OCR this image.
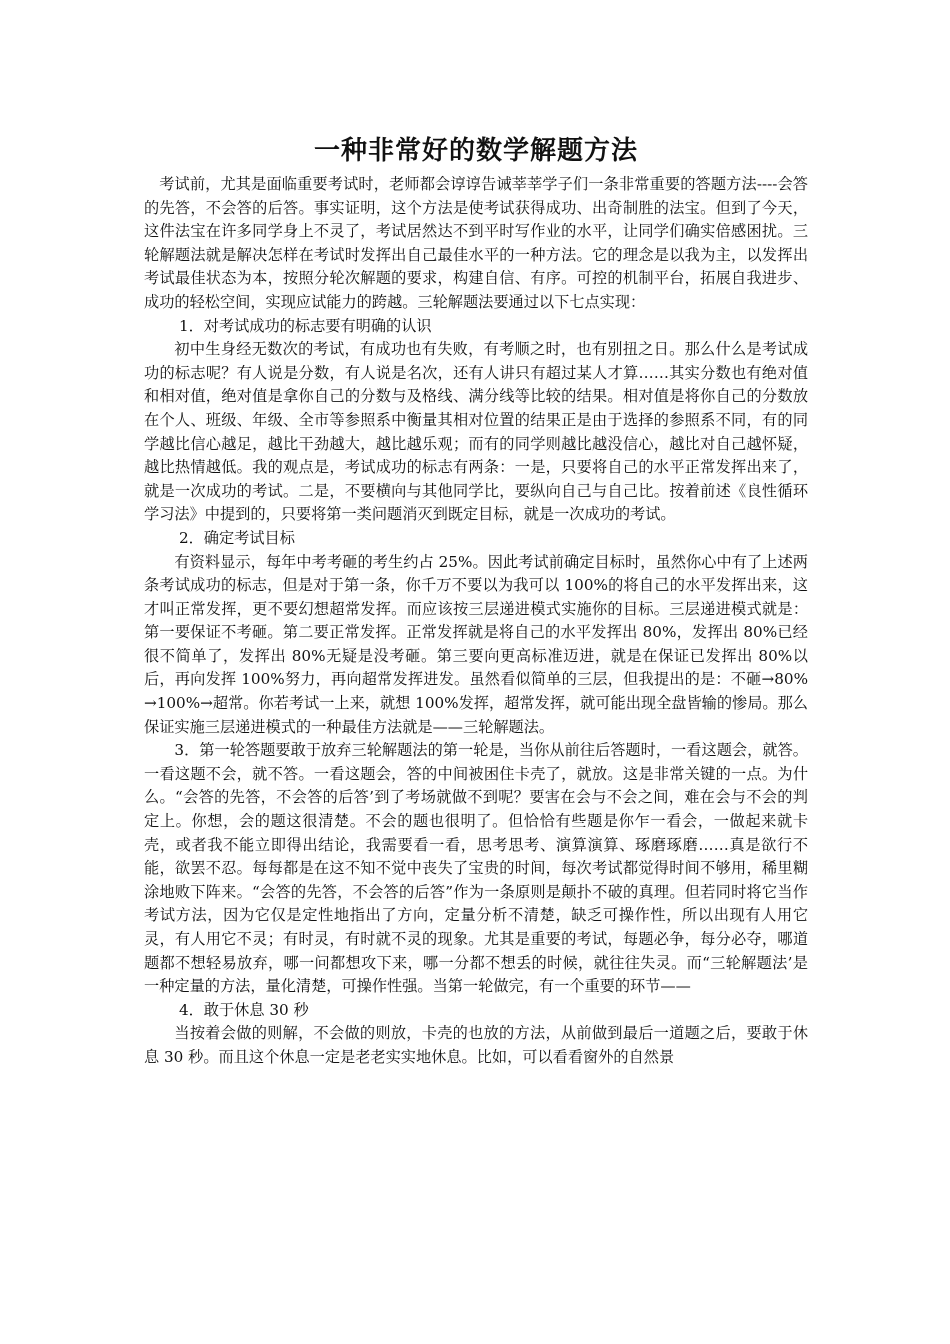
一种非常好的数学解题方法

考试前，尤其是面临重要考试时，老师都会谆谆告诫莘莘学子们一条非常重要的答题方法----会答的先答，不会答的后答。事实证明，这个方法是使考试获得成功、出奇制胜的法宝。但到了今天，这件法宝在许多同学身上不灵了，考试居然达不到平时写作业的水平，让同学们确实倍感困扰。三轮解题法就是解决怎样在考试时发挥出自己最佳水平的一种方法。它的理念是以我为主，以发挥出考试最佳状态为本，按照分轮次解题的要求，构建自信、有序。可控的机制平台，拓展自我进步、成功的轻松空间，实现应试能力的跨越。三轮解题法要通过以下七点实现：

1．对考试成功的标志要有明确的认识

初中生身经无数次的考试，有成功也有失败，有考顺之时，也有别扭之日。那么什么是考试成功的标志呢？有人说是分数，有人说是名次，还有人讲只有超过某人才算……其实分数也有绝对值和相对值，绝对值是拿你自己的分数与及格线、满分线等比较的结果。相对值是将你自己的分数放在个人、班级、年级、全市等参照系中衡量其相对位置的结果正是由于选择的参照系不同，有的同学越比信心越足，越比干劲越大，越比越乐观；而有的同学则越比越没信心，越比对自己越怀疑，越比热情越低。我的观点是，考试成功的标志有两条：一是，只要将自己的水平正常发挥出来了，就是一次成功的考试。二是，不要横向与其他同学比，要纵向自己与自己比。按着前述《良性循环学习法》中提到的，只要将第一类问题消灭到既定目标，就是一次成功的考试。

2．确定考试目标

有资料显示，每年中考考砸的考生约占 25%。因此考试前确定目标时，虽然你心中有了上述两条考试成功的标志，但是对于第一条，你千万不要以为我可以 100%的将自己的水平发挥出来，这才叫正常发挥，更不要幻想超常发挥。而应该按三层递进模式实施你的目标。三层递进模式就是：第一要保证不考砸。第二要正常发挥。正常发挥就是将自己的水平发挥出 80%，发挥出 80%已经很不简单了，发挥出 80%无疑是没考砸。第三要向更高标准迈进，就是在保证已发挥出 80%以后，再向发挥 100%努力，再向超常发挥进发。虽然看似简单的三层，但我提出的是：不砸→80%→100%→超常。你若考试一上来，就想 100%发挥，超常发挥，就可能出现全盘皆输的惨局。那么保证实施三层递进模式的一种最佳方法就是——三轮解题法。

3．第一轮答题要敢于放弃三轮解题法的第一轮是，当你从前往后答题时，一看这题会，就答。一看这题不会，就不答。一看这题会，答的中间被困住卡壳了，就放。这是非常关键的一点。为什么。“会答的先答，不会答的后答’到了考场就做不到呢？要害在会与不会之间，难在会与不会的判定上。你想，会的题这很清楚。不会的题也很明了。但恰恰有些题是你乍一看会，一做起来就卡壳，或者我不能立即得出结论，我需要看一看，思考思考、演算演算、琢磨琢磨……真是欲行不能，欲罢不忍。每每都是在这不知不觉中丧失了宝贵的时间，每次考试都觉得时间不够用，稀里糊涂地败下阵来。“会答的先答，不会答的后答”作为一条原则是颠扑不破的真理。但若同时将它当作考试方法，因为它仅是定性地指出了方向，定量分析不清楚，缺乏可操作性，所以出现有人用它灵，有人用它不灵；有时灵，有时就不灵的现象。尤其是重要的考试，每题必争，每分必夺，哪道题都不想轻易放弃，哪一问都想攻下来，哪一分都不想丢的时候，就往往失灵。而“三轮解题法’是一种定量的方法，量化清楚，可操作性强。当第一轮做完，有一个重要的环节——

4．敢于休息 30 秒

当按着会做的则解，不会做的则放，卡壳的也放的方法，从前做到最后一道题之后，要敢于休息 30 秒。而且这个休息一定是老老实实地休息。比如，可以看看窗外的自然景
